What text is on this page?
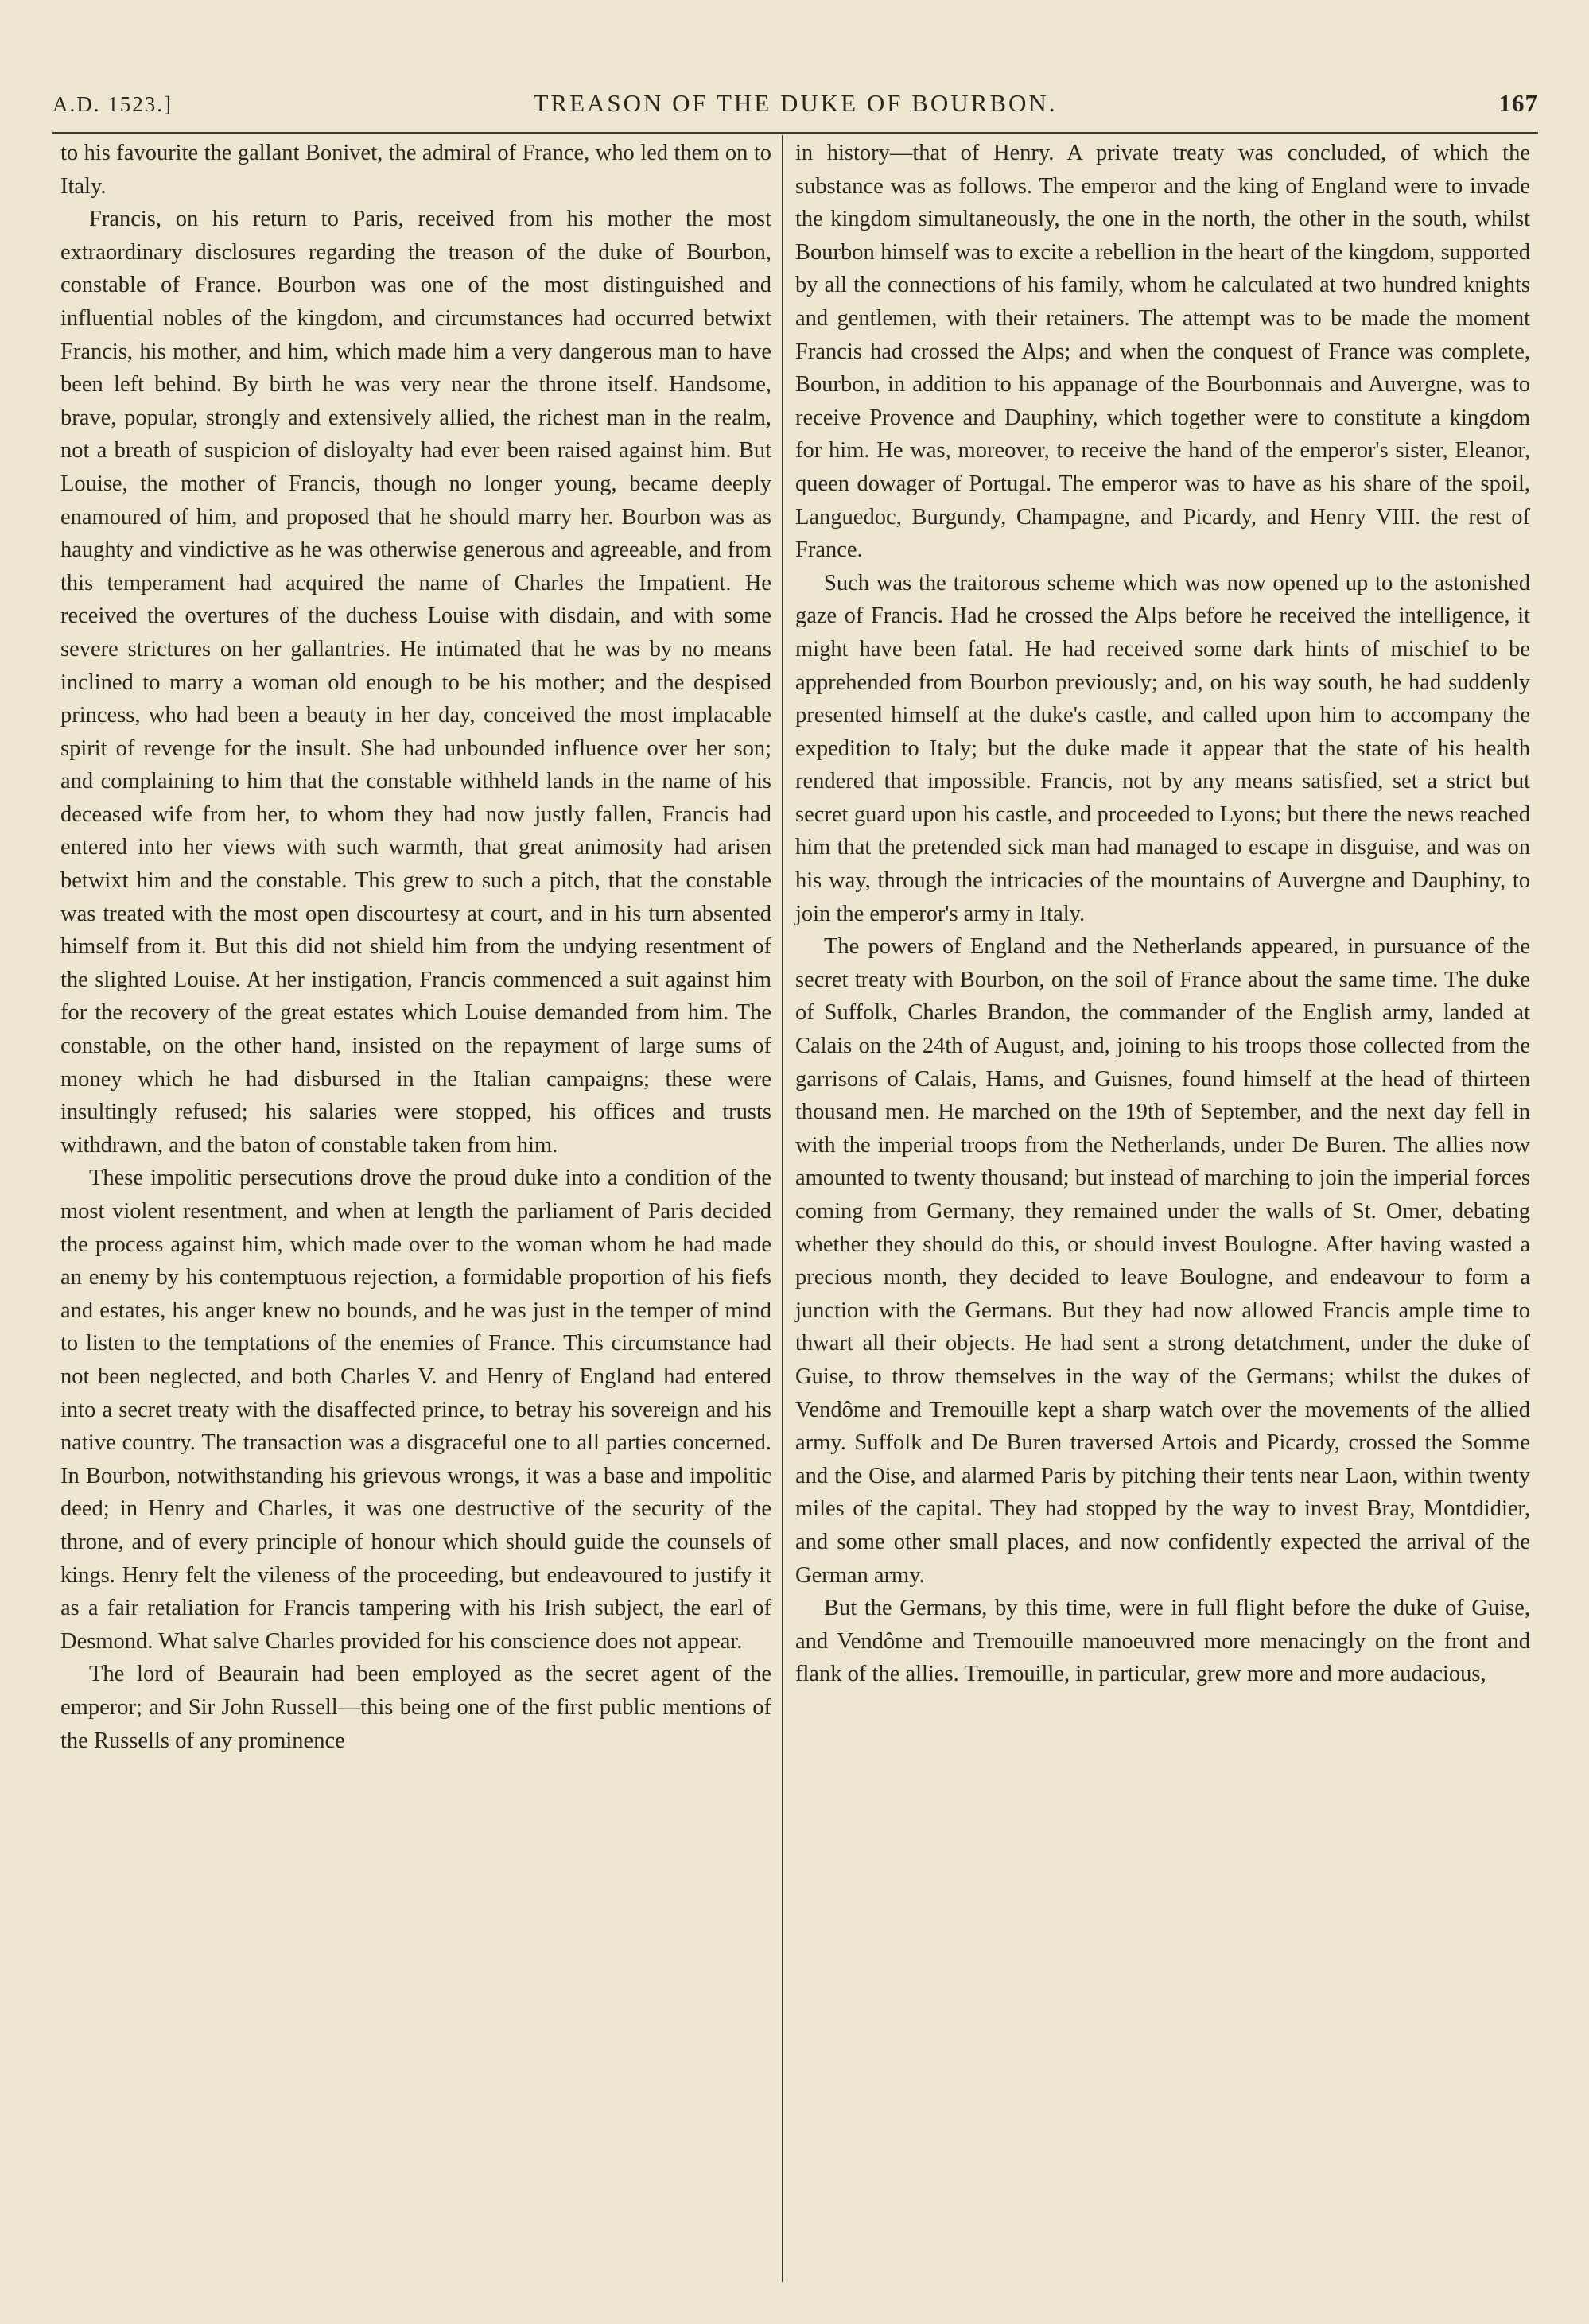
A.D. 1523.]	TREASON OF THE DUKE OF BOURBON.	167

to his favourite the gallant Bonivet, the admiral of France, who led them on to Italy.

Francis, on his return to Paris, received from his mother the most extraordinary disclosures regarding the treason of the duke of Bourbon, constable of France. Bourbon was one of the most distinguished and influential nobles of the kingdom, and circumstances had occurred betwixt Francis, his mother, and him, which made him a very dangerous man to have been left behind. By birth he was very near the throne itself. Handsome, brave, popular, strongly and extensively allied, the richest man in the realm, not a breath of suspicion of disloyalty had ever been raised against him. But Louise, the mother of Francis, though no longer young, became deeply enamoured of him, and proposed that he should marry her. Bourbon was as haughty and vindictive as he was otherwise generous and agreeable, and from this temperament had acquired the name of Charles the Impatient. He received the overtures of the duchess Louise with disdain, and with some severe strictures on her gallantries. He intimated that he was by no means inclined to marry a woman old enough to be his mother; and the despised princess, who had been a beauty in her day, conceived the most implacable spirit of revenge for the insult. She had unbounded influence over her son; and complaining to him that the constable withheld lands in the name of his deceased wife from her, to whom they had now justly fallen, Francis had entered into her views with such warmth, that great animosity had arisen betwixt him and the constable. This grew to such a pitch, that the constable was treated with the most open discourtesy at court, and in his turn absented himself from it. But this did not shield him from the undying resentment of the slighted Louise. At her instigation, Francis commenced a suit against him for the recovery of the great estates which Louise demanded from him. The constable, on the other hand, insisted on the repayment of large sums of money which he had disbursed in the Italian campaigns; these were insultingly refused; his salaries were stopped, his offices and trusts withdrawn, and the baton of constable taken from him.

These impolitic persecutions drove the proud duke into a condition of the most violent resentment, and when at length the parliament of Paris decided the process against him, which made over to the woman whom he had made an enemy by his contemptuous rejection, a formidable proportion of his fiefs and estates, his anger knew no bounds, and he was just in the temper of mind to listen to the temptations of the enemies of France. This circumstance had not been neglected, and both Charles V. and Henry of England had entered into a secret treaty with the disaffected prince, to betray his sovereign and his native country. The transaction was a disgraceful one to all parties concerned. In Bourbon, notwithstanding his grievous wrongs, it was a base and impolitic deed; in Henry and Charles, it was one destructive of the security of the throne, and of every principle of honour which should guide the counsels of kings. Henry felt the vileness of the proceeding, but endeavoured to justify it as a fair retaliation for Francis tampering with his Irish subject, the earl of Desmond. What salve Charles provided for his conscience does not appear.

The lord of Beaurain had been employed as the secret agent of the emperor; and Sir John Russell—this being one of the first public mentions of the Russells of any prominence

in history—that of Henry. A private treaty was concluded, of which the substance was as follows. The emperor and the king of England were to invade the kingdom simultaneously, the one in the north, the other in the south, whilst Bourbon himself was to excite a rebellion in the heart of the kingdom, supported by all the connections of his family, whom he calculated at two hundred knights and gentlemen, with their retainers. The attempt was to be made the moment Francis had crossed the Alps; and when the conquest of France was complete, Bourbon, in addition to his appanage of the Bourbonnais and Auvergne, was to receive Provence and Dauphiny, which together were to constitute a kingdom for him. He was, moreover, to receive the hand of the emperor's sister, Eleanor, queen dowager of Portugal. The emperor was to have as his share of the spoil, Languedoc, Burgundy, Champagne, and Picardy, and Henry VIII. the rest of France.

Such was the traitorous scheme which was now opened up to the astonished gaze of Francis. Had he crossed the Alps before he received the intelligence, it might have been fatal. He had received some dark hints of mischief to be apprehended from Bourbon previously; and, on his way south, he had suddenly presented himself at the duke's castle, and called upon him to accompany the expedition to Italy; but the duke made it appear that the state of his health rendered that impossible. Francis, not by any means satisfied, set a strict but secret guard upon his castle, and proceeded to Lyons; but there the news reached him that the pretended sick man had managed to escape in disguise, and was on his way, through the intricacies of the mountains of Auvergne and Dauphiny, to join the emperor's army in Italy.

The powers of England and the Netherlands appeared, in pursuance of the secret treaty with Bourbon, on the soil of France about the same time. The duke of Suffolk, Charles Brandon, the commander of the English army, landed at Calais on the 24th of August, and, joining to his troops those collected from the garrisons of Calais, Hams, and Guisnes, found himself at the head of thirteen thousand men. He marched on the 19th of September, and the next day fell in with the imperial troops from the Netherlands, under De Buren. The allies now amounted to twenty thousand; but instead of marching to join the imperial forces coming from Germany, they remained under the walls of St. Omer, debating whether they should do this, or should invest Boulogne. After having wasted a precious month, they decided to leave Boulogne, and endeavour to form a junction with the Germans. But they had now allowed Francis ample time to thwart all their objects. He had sent a strong detatchment, under the duke of Guise, to throw themselves in the way of the Germans; whilst the dukes of Vendôme and Tremouille kept a sharp watch over the movements of the allied army. Suffolk and De Buren traversed Artois and Picardy, crossed the Somme and the Oise, and alarmed Paris by pitching their tents near Laon, within twenty miles of the capital. They had stopped by the way to invest Bray, Montdidier, and some other small places, and now confidently expected the arrival of the German army.

But the Germans, by this time, were in full flight before the duke of Guise, and Vendôme and Tremouille manoeuvred more menacingly on the front and flank of the allies. Tremouille, in particular, grew more and more audacious,
